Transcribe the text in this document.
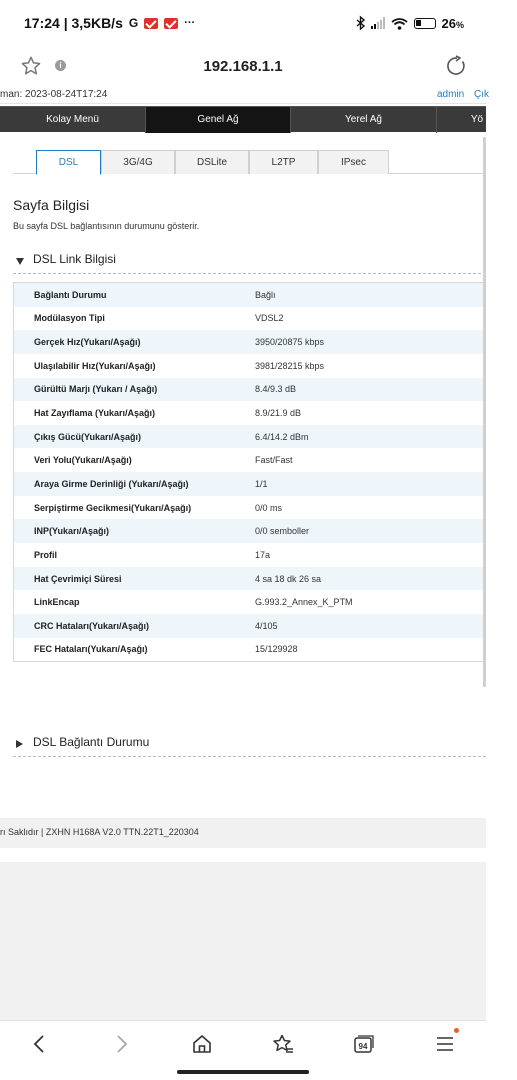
17:24 | 3,5KB/s G	···	26%
i	192.168.1.1
man: 2023-08-24T17:24	admin Çık
Kolay Menü	Genel Ağ	Yerel Ağ	Yö
DSL	3G/4G	DSLite	L2TP	IPsec
Sayfa Bilgisi
Bu sayfa DSL bağlantısının durumunu gösterir.
DSL Link Bilgisi
Bağlantı Durumu	Bağlı
Modülasyon Tipi	VDSL2
Gerçek Hız(Yukarı/Aşağı)	3950/20875 kbps
Ulaşılabilir Hız(Yukarı/Aşağı)	3981/28215 kbps
Gürültü Marjı (Yukarı / Aşağı)	8.4/9.3 dB
Hat Zayıflama (Yukarı/Aşağı)	8.9/21.9 dB
Çıkış Gücü(Yukarı/Aşağı)	6.4/14.2 dBm
Veri Yolu(Yukarı/Aşağı)	Fast/Fast
Araya Girme Derinliği (Yukarı/Aşağı)	1/1
Serpiştirme Gecikmesi(Yukarı/Aşağı)	0/0 ms
INP(Yukarı/Aşağı)	0/0 semboller
Profil	17a
Hat Çevrimiçi Süresi	4 sa 18 dk 26 sa
LinkEncap	G.993.2_Annex_K_PTM
CRC Hataları(Yukarı/Aşağı)	4/105
FEC Hataları(Yukarı/Aşağı)	15/129928
DSL Bağlantı Durumu
rı Saklıdır | ZXHN H168A V2.0 TTN.22T1_220304
94
